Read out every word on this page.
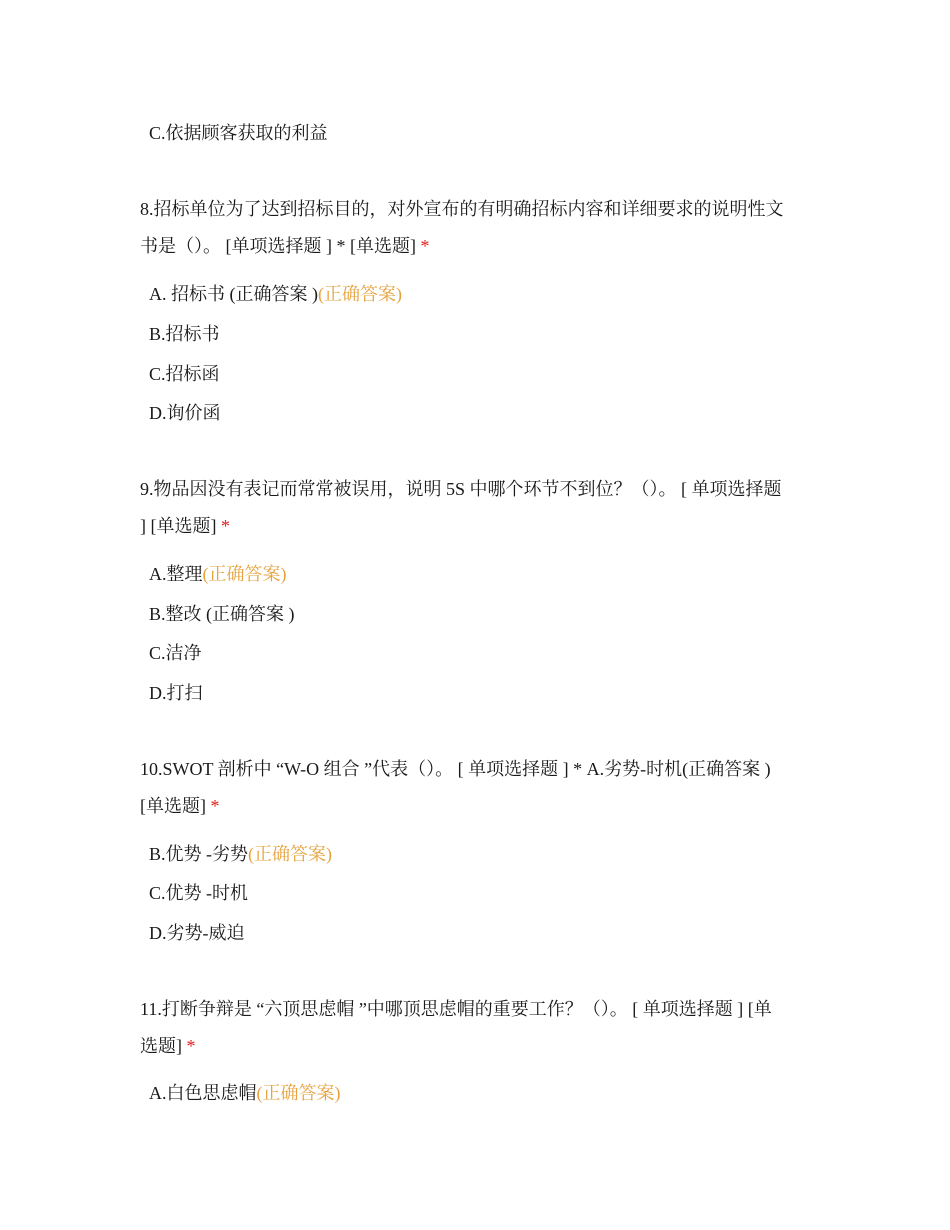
C.依据顾客获取的利益
8.招标单位为了达到招标目的，对外宣布的有明确招标内容和详细要求的说明性文
书是（）。 [单项选择题 ] * [单选题] *
A. 招标书 (正确答案 )(正确答案)
B.招标书
C.招标函
D.询价函
9.物品因没有表记而常常被误用，说明 5S 中哪个环节不到位？（）。 [ 单项选择题
] [单选题] *
A.整理(正确答案)
B.整改 (正确答案 )
C.洁净
D.打扫
10.SWOT 剖析中 “W-O 组合 ”代表（）。 [ 单项选择题 ] * A.劣势-时机(正确答案 )
[单选题] *
B.优势 -劣势(正确答案)
C.优势 -时机
D.劣势-威迫
11.打断争辩是 “六顶思虑帽 ”中哪顶思虑帽的重要工作？（）。 [ 单项选择题 ] [单
选题] *
A.白色思虑帽(正确答案)
